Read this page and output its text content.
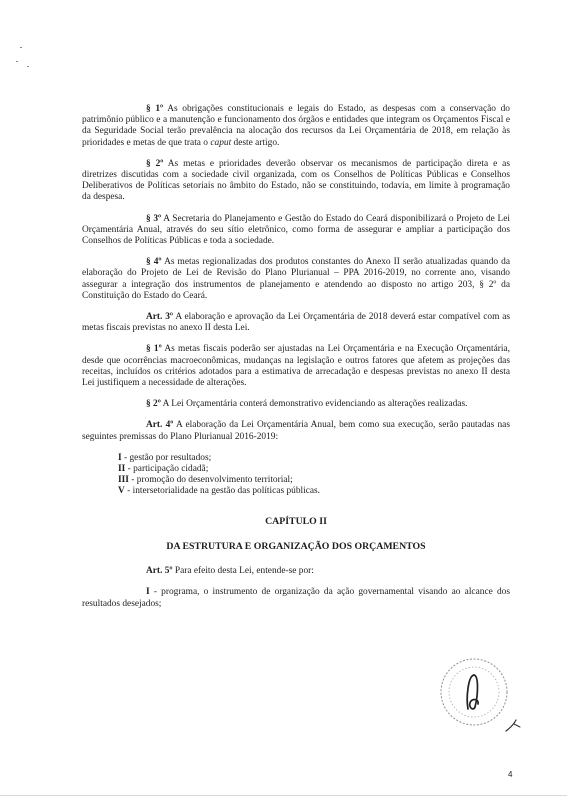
§ 1º As obrigações constitucionais e legais do Estado, as despesas com a conservação do patrimônio público e a manutenção e funcionamento dos órgãos e entidades que integram os Orçamentos Fiscal e da Seguridade Social terão prevalência na alocação dos recursos da Lei Orçamentária de 2018, em relação às prioridades e metas de que trata o caput deste artigo.

§ 2º As metas e prioridades deverão observar os mecanismos de participação direta e as diretrizes discutidas com a sociedade civil organizada, com os Conselhos de Políticas Públicas e Conselhos Deliberativos de Políticas setoriais no âmbito do Estado, não se constituindo, todavia, em limite à programação da despesa.

§ 3º A Secretaria do Planejamento e Gestão do Estado do Ceará disponibilizará o Projeto de Lei Orçamentária Anual, através do seu sítio eletrônico, como forma de assegurar e ampliar a participação dos Conselhos de Políticas Públicas e toda a sociedade.

§ 4º As metas regionalizadas dos produtos constantes do Anexo II serão atualizadas quando da elaboração do Projeto de Lei de Revisão do Plano Plurianual – PPA 2016-2019, no corrente ano, visando assegurar a integração dos instrumentos de planejamento e atendendo ao disposto no artigo 203, § 2º da Constituição do Estado do Ceará.

Art. 3º A elaboração e aprovação da Lei Orçamentária de 2018 deverá estar compatível com as metas fiscais previstas no anexo II desta Lei.

§ 1º As metas fiscais poderão ser ajustadas na Lei Orçamentária e na Execução Orçamentária, desde que ocorrências macroeconômicas, mudanças na legislação e outros fatores que afetem as projeções das receitas, incluídos os critérios adotados para a estimativa de arrecadação e despesas previstas no anexo II desta Lei justifiquem a necessidade de alterações.

§ 2º A Lei Orçamentária conterá demonstrativo evidenciando as alterações realizadas.

Art. 4º A elaboração da Lei Orçamentária Anual, bem como sua execução, serão pautadas nas seguintes premissas do Plano Plurianual 2016-2019:

I - gestão por resultados;
II - participação cidadã;
III - promoção do desenvolvimento territorial;
V - intersetorialidade na gestão das políticas públicas.
CAPÍTULO II
DA ESTRUTURA E ORGANIZAÇÃO DOS ORÇAMENTOS

Art. 5º Para efeito desta Lei, entende-se por:

I - programa, o instrumento de organização da ação governamental visando ao alcance dos resultados desejados;

4
